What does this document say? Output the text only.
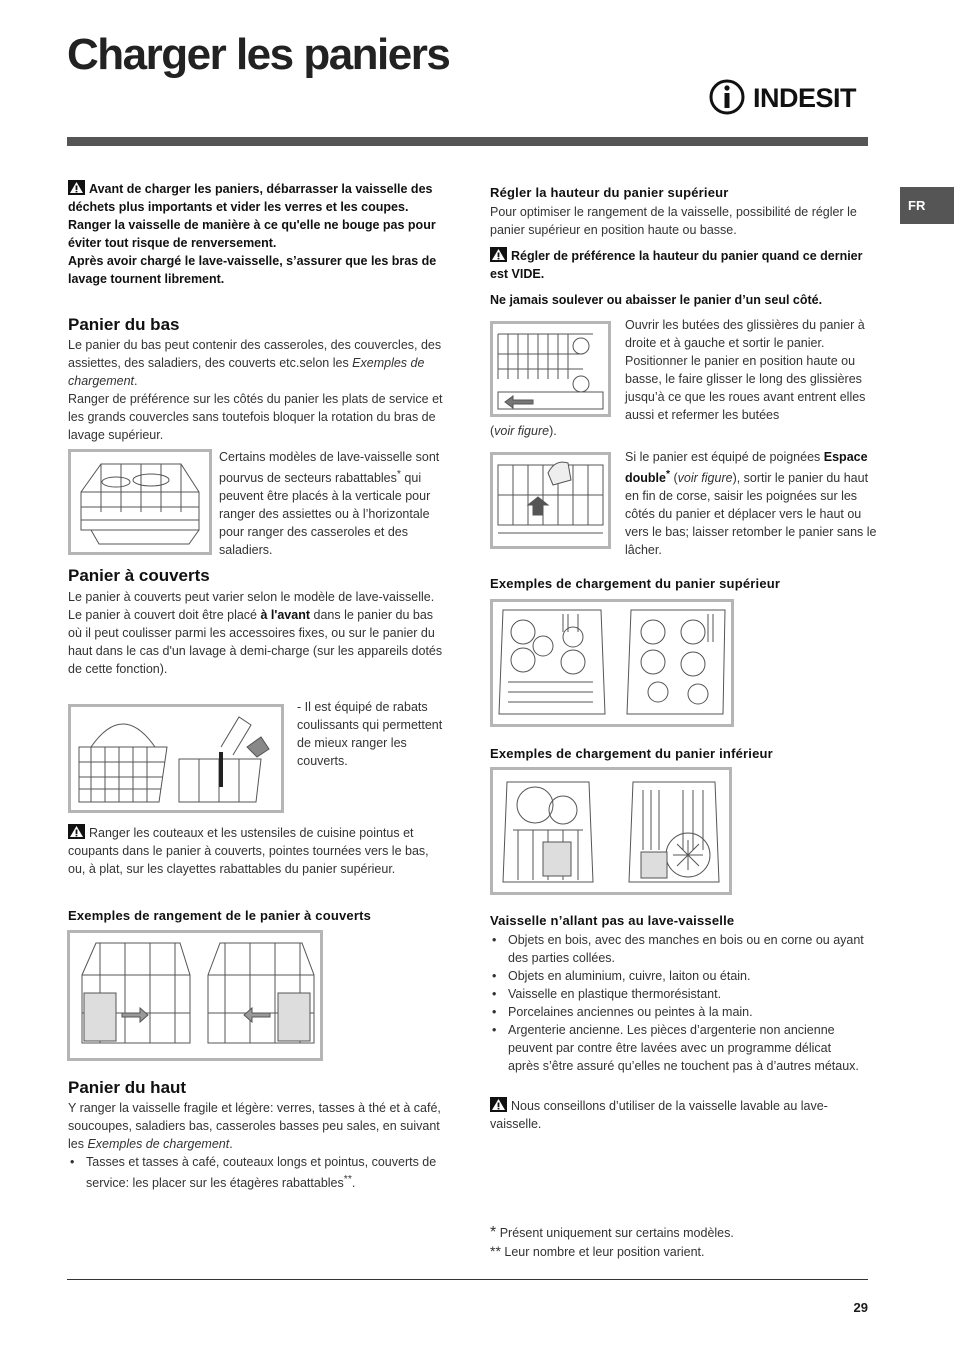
Charger les paniers
INDESIT
FR

Avant de charger les paniers, débarrasser la vaisselle des déchets plus importants et vider les verres et les coupes.

Ranger la vaisselle de manière à ce qu'elle ne bouge pas pour éviter tout risque de renversement.

Après avoir chargé le lave-vaisselle, s’assurer que les bras de lavage tournent librement.

Panier du bas

Le panier du bas peut contenir des casseroles, des couvercles, des assiettes, des saladiers, des couverts etc.selon les Exemples de chargement.

Ranger de préférence sur les côtés du panier les plats de service et les grands couvercles sans toutefois bloquer la rotation du bras de lavage supérieur.

Certains modèles de lave-vaisselle sont pourvus de secteurs rabattables* qui peuvent être placés à la verticale pour ranger des assiettes ou à l’horizontale pour ranger des casseroles et des saladiers.
Panier à couverts

Le panier à couverts peut varier selon le modèle de lave-vaisselle.

Le panier à couvert doit être placé à l'avant dans le panier du bas où il peut coulisser parmi les accessoires fixes, ou sur le panier du haut dans le cas d'un lavage à demi-charge (sur les appareils dotés de cette fonction).

- Il est équipé de rabats coulissants qui permettent de mieux ranger les couverts.
Ranger les couteaux et les ustensiles de cuisine pointus et coupants dans le panier à couverts, pointes tournées vers le bas, ou, à plat, sur les clayettes rabattables du panier supérieur.
Exemples de rangement de le panier à couverts
Panier du haut

Y ranger la vaisselle fragile et légère: verres, tasses à thé et à café, soucoupes, saladiers bas, casseroles basses peu sales, en suivant les Exemples de chargement.

• Tasses et tasses à café, couteaux longs et pointus, couverts de service: les placer sur les étagères rabattables**.
Régler la hauteur du panier supérieur
Pour optimiser le rangement de la vaisselle, possibilité de régler le panier supérieur en position haute ou basse.
Régler de préférence la hauteur du panier quand ce dernier est VIDE.
Ne jamais soulever ou abaisser le panier d’un seul côté.
Ouvrir les butées des glissières du panier à droite et à gauche et sortir le panier. Positionner le panier en position haute ou basse, le faire glisser le long des glissières jusqu’à ce que les roues avant entrent elles aussi et refermer les butées
(voir figure).
Si le panier est équipé de poignées Espace double* (voir figure), sortir le panier du haut en fin de corse, saisir les poignées sur les côtés du panier et déplacer vers le haut ou vers le bas; laisser retomber le panier sans le lâcher.
Exemples de chargement du panier supérieur
Exemples de chargement du panier inférieur
Vaisselle n’allant pas au lave-vaisselle
• Objets en bois, avec des manches en bois ou en corne ou ayant des parties collées.
• Objets en aluminium, cuivre, laiton ou étain.
• Vaisselle en plastique thermorésistant.
• Porcelaines anciennes ou peintes à la main.
• Argenterie ancienne. Les pièces d’argenterie non ancienne peuvent par contre être lavées avec un programme délicat après s’être assuré qu’elles ne touchent pas à d’autres métaux.
Nous conseillons d’utiliser de la vaisselle lavable au lave-vaisselle.

* Présent uniquement sur certains modèles.

** Leur nombre et leur position varient.

29
